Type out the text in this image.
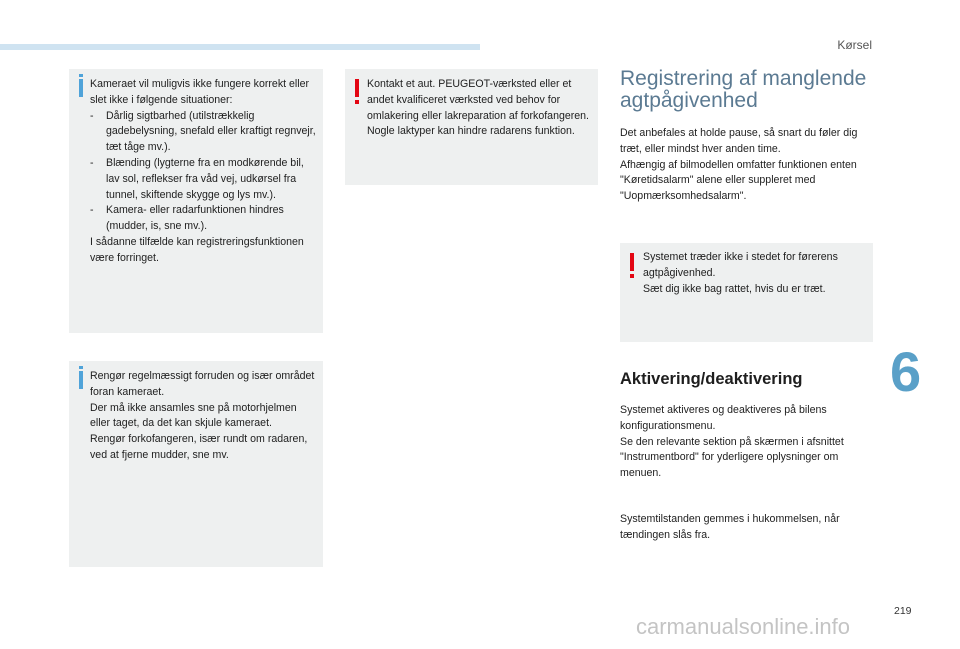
Kørsel

Kameraet vil muligvis ikke fungere korrekt eller slet ikke i følgende situationer:

-	Dårlig sigtbarhed (utilstrækkelig gadebelysning, snefald eller kraftigt regnvejr, tæt tåge mv.).
-	Blænding (lygterne fra en modkørende bil, lav sol, reflekser fra våd vej, udkørsel fra tunnel, skiftende skygge og lys mv.).
-	Kamera- eller radarfunktionen hindres (mudder, is, sne mv.).

I sådanne tilfælde kan registreringsfunktionen være forringet.

Rengør regelmæssigt forruden og især området foran kameraet.

Der må ikke ansamles sne på motorhjelmen eller taget, da det kan skjule kameraet.

Rengør forkofangeren, især rundt om radaren, ved at fjerne mudder, sne mv.

Kontakt et aut. PEUGEOT-værksted eller et andet kvalificeret værksted ved behov for omlakering eller lakreparation af forkofangeren. Nogle laktyper kan hindre radarens funktion.

Registrering af manglende agtpågivenhed

Det anbefales at holde pause, så snart du føler dig træt, eller mindst hver anden time.

Afhængig af bilmodellen omfatter funktionen enten "Køretidsalarm" alene eller suppleret med "Uopmærksomhedsalarm".

Systemet træder ikke i stedet for førerens agtpågivenhed.

Sæt dig ikke bag rattet, hvis du er træt.

Aktivering/deaktivering

Systemet aktiveres og deaktiveres på bilens konfigurationsmenu.

Se den relevante sektion på skærmen i afsnittet "Instrumentbord" for yderligere oplysninger om menuen.

Systemtilstanden gemmes i hukommelsen, når tændingen slås fra.

6
219
carmanualsonline.info
